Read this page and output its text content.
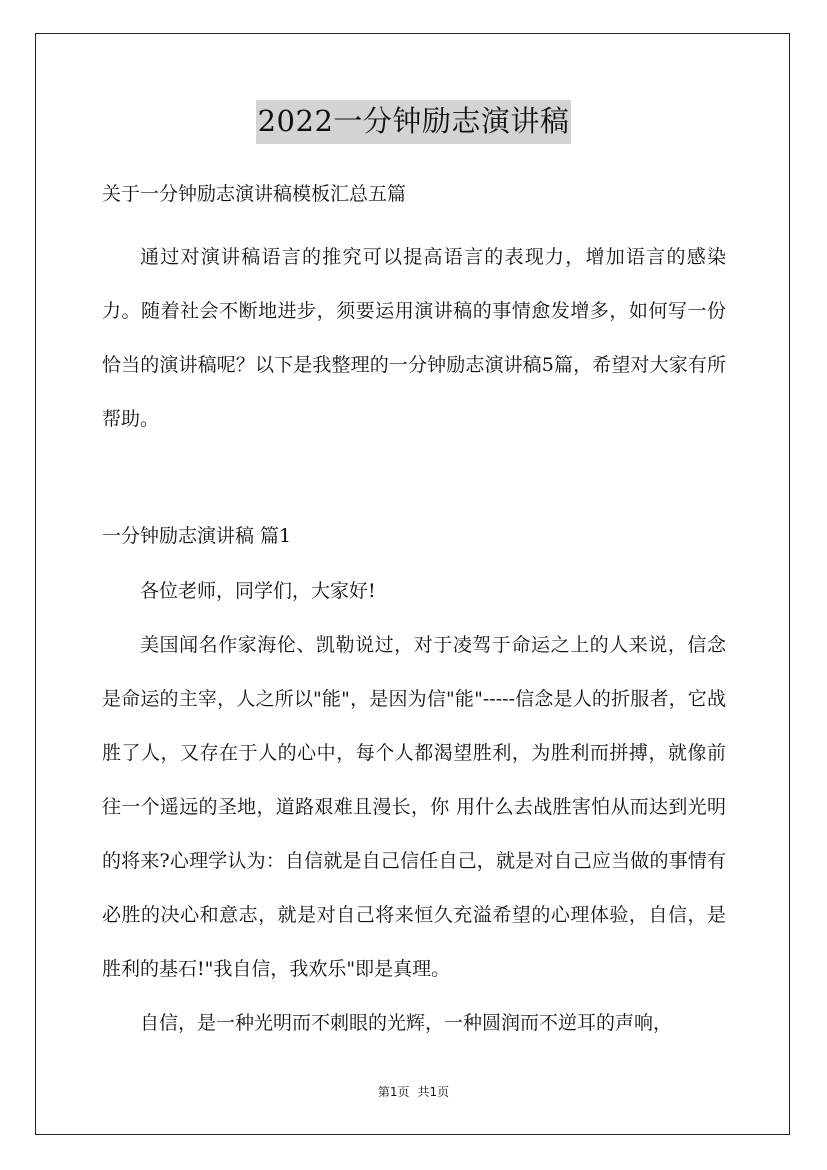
2022一分钟励志演讲稿

关于一分钟励志演讲稿模板汇总五篇

通过对演讲稿语言的推究可以提高语言的表现力，增加语言的感染力。随着社会不断地进步，须要运用演讲稿的事情愈发增多，如何写一份恰当的演讲稿呢？以下是我整理的一分钟励志演讲稿5篇，希望对大家有所帮助。

一分钟励志演讲稿 篇1

各位老师，同学们，大家好!

美国闻名作家海伦、凯勒说过，对于凌驾于命运之上的人来说，信念是命运的主宰，人之所以"能"，是因为信"能"-----信念是人的折服者，它战胜了人，又存在于人的心中，每个人都渴望胜利，为胜利而拼搏，就像前往一个遥远的圣地，道路艰难且漫长，你 用什么去战胜害怕从而达到光明的将来?心理学认为：自信就是自己信任自己，就是对自己应当做的事情有必胜的决心和意志，就是对自己将来恒久充溢希望的心理体验，自信，是胜利的基石!"我自信，我欢乐"即是真理。

自信，是一种光明而不刺眼的光辉，一种圆润而不逆耳的声响，

第1页 共1页
